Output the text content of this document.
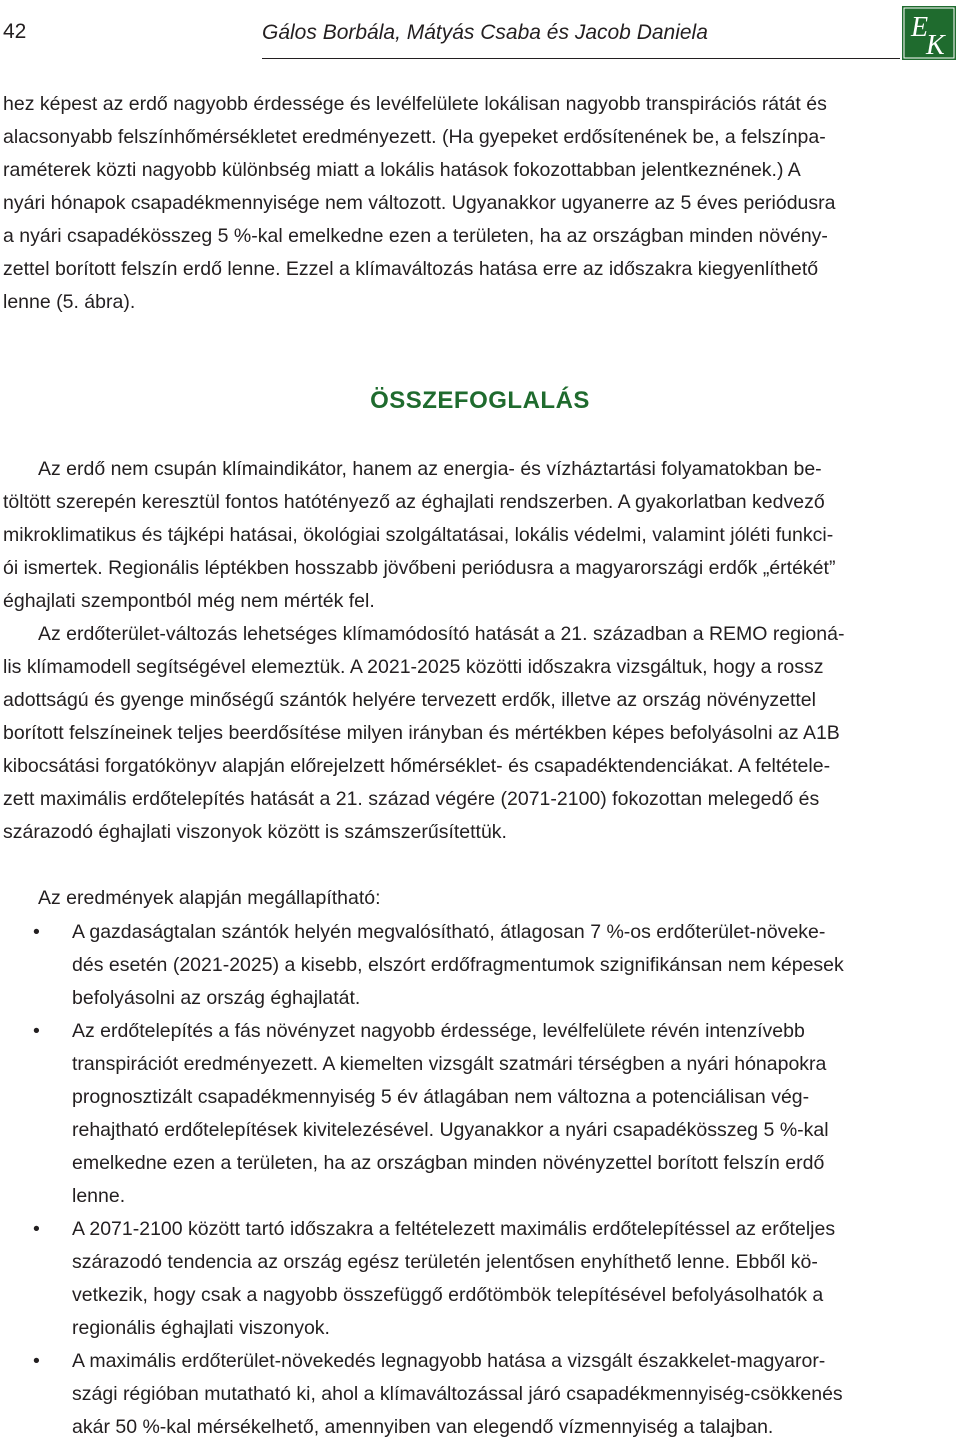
42	Gálos Borbála, Mátyás Csaba és Jacob Daniela	E
K
hez képest az erdő nagyobb érdessége és levélfelülete lokálisan nagyobb transpirációs rátát és
alacsonyabb felszínhőmérsékletet eredményezett. (Ha gyepeket erdősítenének be, a felszínpa-
raméterek közti nagyobb különbség miatt a lokális hatások fokozottabban jelentkeznének.) A
nyári hónapok csapadékmennyisége nem változott. Ugyanakkor ugyanerre az 5 éves periódusra
a nyári csapadékösszeg 5 %-kal emelkedne ezen a területen, ha az országban minden növény-
zettel borított felszín erdő lenne. Ezzel a klímaváltozás hatása erre az időszakra kiegyenlíthető
lenne (5. ábra).
ÖSSZEFOGLALÁS
Az erdő nem csupán klímaindikátor, hanem az energia- és vízháztartási folyamatokban be-
töltött szerepén keresztül fontos hatótényező az éghajlati rendszerben. A gyakorlatban kedvező
mikroklimatikus és tájképi hatásai, ökológiai szolgáltatásai, lokális védelmi, valamint jóléti funkci-
ói ismertek. Regionális léptékben hosszabb jövőbeni periódusra a magyarországi erdők „értékét”
éghajlati szempontból még nem mérték fel.
Az erdőterület-változás lehetséges klímamódosító hatását a 21. században a REMO regioná-
lis klímamodell segítségével elemeztük. A 2021-2025 közötti időszakra vizsgáltuk, hogy a rossz
adottságú és gyenge minőségű szántók helyére tervezett erdők, illetve az ország növényzettel
borított felszíneinek teljes beerdősítése milyen irányban és mértékben képes befolyásolni az A1B
kibocsátási forgatókönyv alapján előrejelzett hőmérséklet- és csapadéktendenciákat. A feltétele-
zett maximális erdőtelepítés hatását a 21. század végére (2071-2100) fokozottan melegedő és
szárazodó éghajlati viszonyok között is számszerűsítettük.
Az eredmények alapján megállapítható:
• A gazdaságtalan szántók helyén megvalósítható, átlagosan 7 %-os erdőterület-növeke-
dés esetén (2021-2025) a kisebb, elszórt erdőfragmentumok szignifikánsan nem képesek
befolyásolni az ország éghajlatát.
• Az erdőtelepítés a fás növényzet nagyobb érdessége, levélfelülete révén intenzívebb
transpirációt eredményezett. A kiemelten vizsgált szatmári térségben a nyári hónapokra
prognosztizált csapadékmennyiség 5 év átlagában nem változna a potenciálisan vég-
rehajtható erdőtelepítések kivitelezésével. Ugyanakkor a nyári csapadékösszeg 5 %-kal
emelkedne ezen a területen, ha az országban minden növényzettel borított felszín erdő
lenne.
• A 2071-2100 között tartó időszakra a feltételezett maximális erdőtelepítéssel az erőteljes
szárazodó tendencia az ország egész területén jelentősen enyhíthető lenne. Ebből kö-
vetkezik, hogy csak a nagyobb összefüggő erdőtömbök telepítésével befolyásolhatók a
regionális éghajlati viszonyok.
• A maximális erdőterület-növekedés legnagyobb hatása a vizsgált északkelet-magyaror-
szági régióban mutatható ki, ahol a klímaváltozással járó csapadékmennyiség-csökkenés
akár 50 %-kal mérsékelhető, amennyiben van elegendő vízmennyiség a talajban.
